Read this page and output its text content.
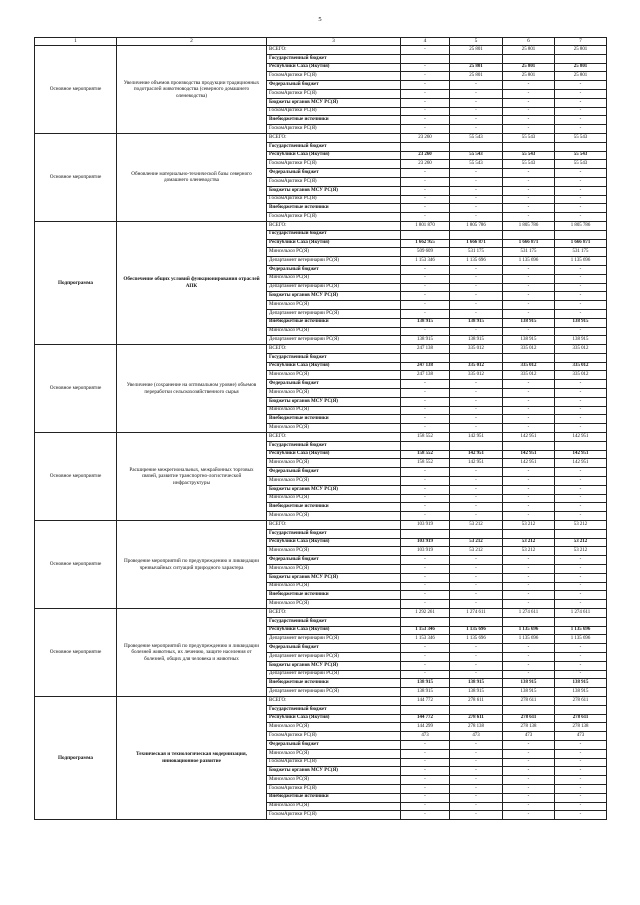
5
1	2	3	4	5	6	7
Основное мероприятие	Увеличение объемов производства продукции традиционных подотраслей животноводства (северного домашнего оленеводства)	ВСЕГО:	-	25 801	25 801	25 801
		Государственный бюджет				
		Республики Саха (Якутия)	-	25 801	25 801	25 801
		ГоскомАрктики РС(Я)	-	25 801	25 801	25 801
		Федеральный бюджет	-	-	-	-
		ГоскомАрктики РС(Я)	-	-	-	-
		Бюджеты органов МСУ РС(Я)	-	-	-	-
		ГоскомАрктики РС(Я)	-	-	-	-
		Внебюджетные источники	-	-	-	-
		ГоскомАрктики РС(Я)	-	-	-	-
Основное мероприятие	Обновление материально-технической базы северного домашнего оленеводства	ВСЕГО:	23 260	55 543	55 543	55 543
		Государственный бюджет				
		Республики Саха (Якутия)	23 260	55 543	55 543	55 543
		ГоскомАрктики РС(Я)	23 260	55 543	55 543	55 543
		Федеральный бюджет	-	-	-	-
		ГоскомАрктики РС(Я)	-	-	-	-
		Бюджеты органов МСУ РС(Я)	-	-	-	-
		ГоскомАрктики РС(Я)	-	-	-	-
		Внебюджетные источники	-	-	-	-
		ГоскомАрктики РС(Я)	-	-	-	-
Подпрограмма	Обеспечение общих условий функционирования отраслей АПК	ВСЕГО:	1 801 870	1 805 786	1 805 786	1 805 786
		Государственный бюджет				
		Республики Саха (Якутия)	1 662 955	1 666 871	1 666 871	1 666 871
		Минсельхоз РС(Я)	509 609	531 175	531 175	531 175
		Департамент ветеринарии РС(Я)	1 153 346	1 135 696	1 135 696	1 135 696
		Федеральный бюджет	-	-	-	-
		Минсельхоз РС(Я)	-	-	-	-
		Департамент ветеринарии РС(Я)	-	-	-	-
		Бюджеты органов МСУ РС(Я)	-	-	-	-
		Минсельхоз РС(Я)	-	-	-	-
		Департамент ветеринарии РС(Я)	-	-	-	-
		Внебюджетные источники	138 915	138 915	138 915	138 915
		Минсельхоз РС(Я)	-	-	-	-
		Департамент ветеринарии РС(Я)	138 915	138 915	138 915	138 915
Основное мероприятие	Увеличение (сохранение на оптимальном уровне) объемов переработки сельскохозяйственного сырья	ВСЕГО:	247 138	335 012	335 012	335 012
		Государственный бюджет				
		Республики Саха (Якутия)	247 138	335 012	335 012	335 012
		Минсельхоз РС(Я)	247 138	335 012	335 012	335 012
		Федеральный бюджет	-	-	-	-
		Минсельхоз РС(Я)	-	-	-	-
		Бюджеты органов МСУ РС(Я)	-	-	-	-
		Минсельхоз РС(Я)	-	-	-	-
		Внебюджетные источники	-	-	-	-
		Минсельхоз РС(Я)	-	-	-	-
Основное мероприятие	Расширение межрегиональных, межрайонных торговых связей, развитие транспортно-логистической инфраструктуры	ВСЕГО:	158 552	142 951	142 951	142 951
		Государственный бюджет				
		Республики Саха (Якутия)	158 552	142 951	142 951	142 951
		Минсельхоз РС(Я)	158 552	142 951	142 951	142 951
		Федеральный бюджет	-	-	-	-
		Минсельхоз РС(Я)	-	-	-	-
		Бюджеты органов МСУ РС(Я)	-	-	-	-
		Минсельхоз РС(Я)	-	-	-	-
		Внебюджетные источники	-	-	-	-
		Минсельхоз РС(Я)	-	-	-	-
Основное мероприятие	Проведение мероприятий по предупреждению и ликвидации чрезвычайных ситуаций природного характера	ВСЕГО:	103 919	53 212	53 212	53 212
		Государственный бюджет				
		Республики Саха (Якутия)	103 919	53 212	53 212	53 212
		Минсельхоз РС(Я)	103 919	53 212	53 212	53 212
		Федеральный бюджет	-	-	-	-
		Минсельхоз РС(Я)	-	-	-	-
		Бюджеты органов МСУ РС(Я)	-	-	-	-
		Минсельхоз РС(Я)	-	-	-	-
		Внебюджетные источники	-	-	-	-
		Минсельхоз РС(Я)	-	-	-	-
Основное мероприятие	Проведение мероприятий по предупреждению и ликвидации болезней животных, их лечению, защите населения от болезней, общих для человека и животных	ВСЕГО:	1 292 261	1 274 611	1 274 611	1 274 611
		Государственный бюджет				
		Республики Саха (Якутия)	1 153 346	1 135 696	1 135 696	1 135 696
		Департамент ветеринарии РС(Я)	1 153 346	1 135 696	1 135 696	1 135 696
		Федеральный бюджет	-	-	-	-
		Департамент ветеринарии РС(Я)	-	-	-	-
		Бюджеты органов МСУ РС(Я)	-	-	-	-
		Департамент ветеринарии РС(Я)	-	-	-	-
		Внебюджетные источники	138 915	138 915	138 915	138 915
		Департамент ветеринарии РС(Я)	138 915	138 915	138 915	138 915
Подпрограмма	Техническая и технологическая модернизация, инновационное развитие	ВСЕГО:	144 772	278 611	278 611	278 611
		Государственный бюджет				
		Республики Саха (Якутия)	144 772	278 611	278 611	278 611
		Минсельхоз РС(Я)	144 299	278 138	278 138	278 138
		ГоскомАрктики РС(Я)	473	473	473	473
		Федеральный бюджет	-	-	-	-
		Минсельхоз РС(Я)	-	-	-	-
		ГоскомАрктики РС(Я)	-	-	-	-
		Бюджеты органов МСУ РС(Я)	-	-	-	-
		Минсельхоз РС(Я)	-	-	-	-
		ГоскомАрктики РС(Я)	-	-	-	-
		Внебюджетные источники	-	-	-	-
		Минсельхоз РС(Я)	-	-	-	-
		ГоскомАрктики РС(Я)	-	-	-	-
